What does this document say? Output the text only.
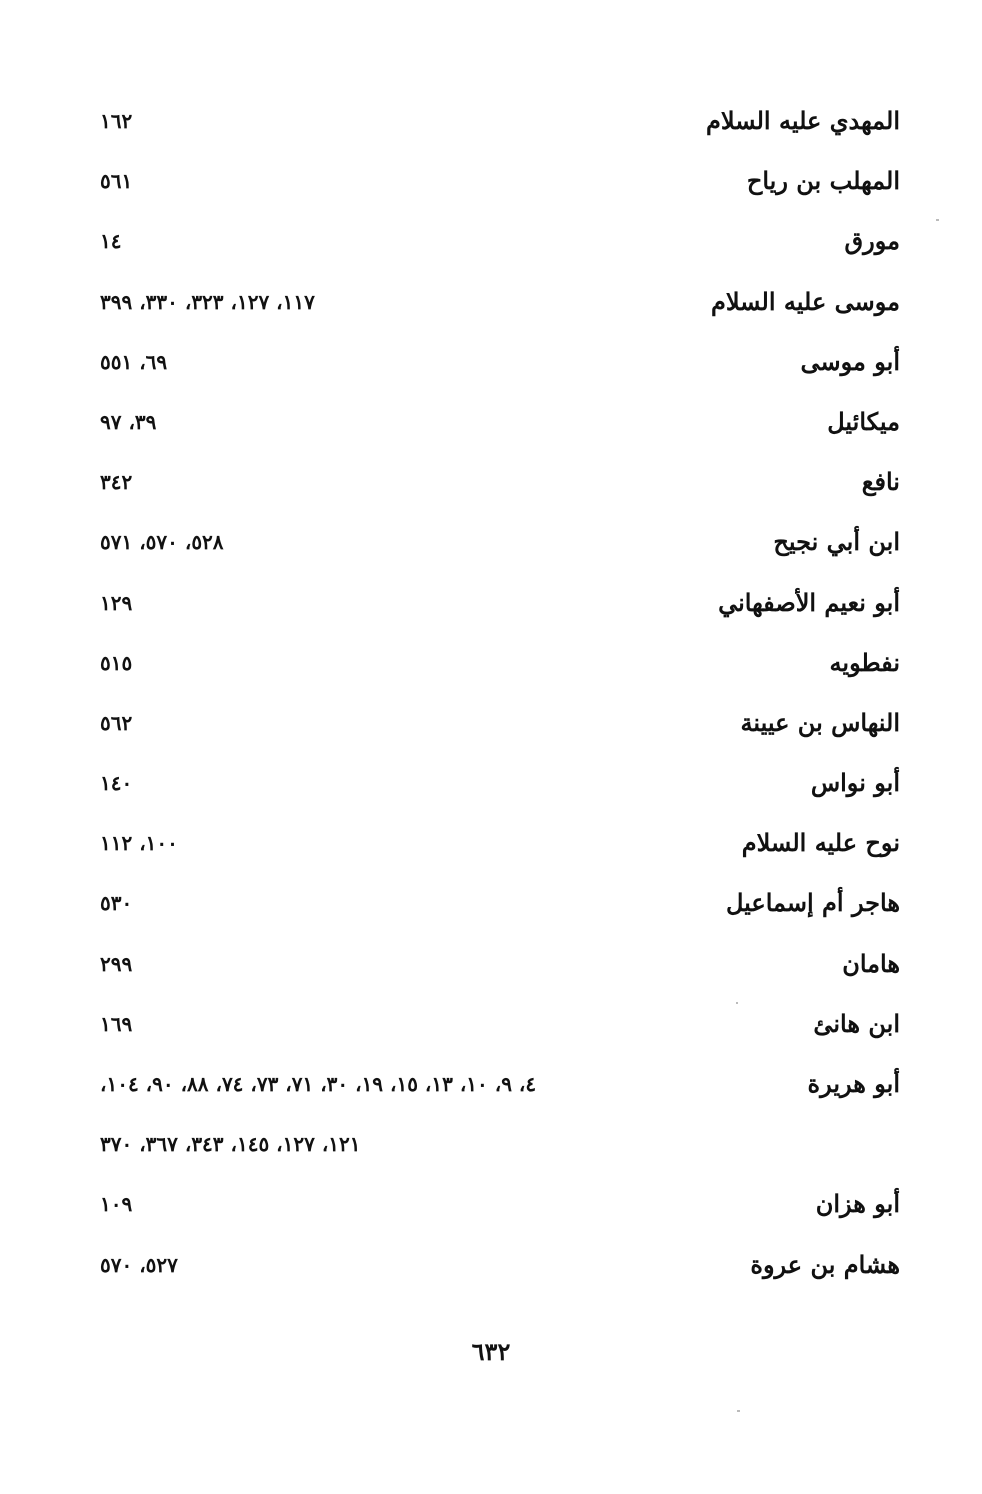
المهدي عليه السلام
١٦٢
المهلب بن رياح
٥٦١
مورق
١٤
موسى عليه السلام
١١٧، ١٢٧، ٣٢٣، ٣٣٠، ٣٩٩
أبو موسى
٦٩، ٥٥١
ميكائيل
٣٩، ٩٧
نافع
٣٤٢
ابن أبي نجيح
٥٢٨، ٥٧٠، ٥٧١
أبو نعيم الأصفهاني
١٢٩
نفطويه
٥١٥
النهاس بن عيينة
٥٦٢
أبو نواس
١٤٠
نوح عليه السلام
١٠٠، ١١٢
هاجر أم إسماعيل
٥٣٠
هامان
٢٩٩
ابن هانئ
١٦٩
أبو هريرة
٤، ٩، ١٠، ١٣، ١٥، ١٩، ٣٠، ٧١، ٧٣، ٧٤، ٨٨، ٩٠، ١٠٤،
١٢١، ١٢٧، ١٤٥، ٣٤٣، ٣٦٧، ٣٧٠
أبو هزان
١٠٩
هشام بن عروة
٥٢٧، ٥٧٠
٦٣٢
